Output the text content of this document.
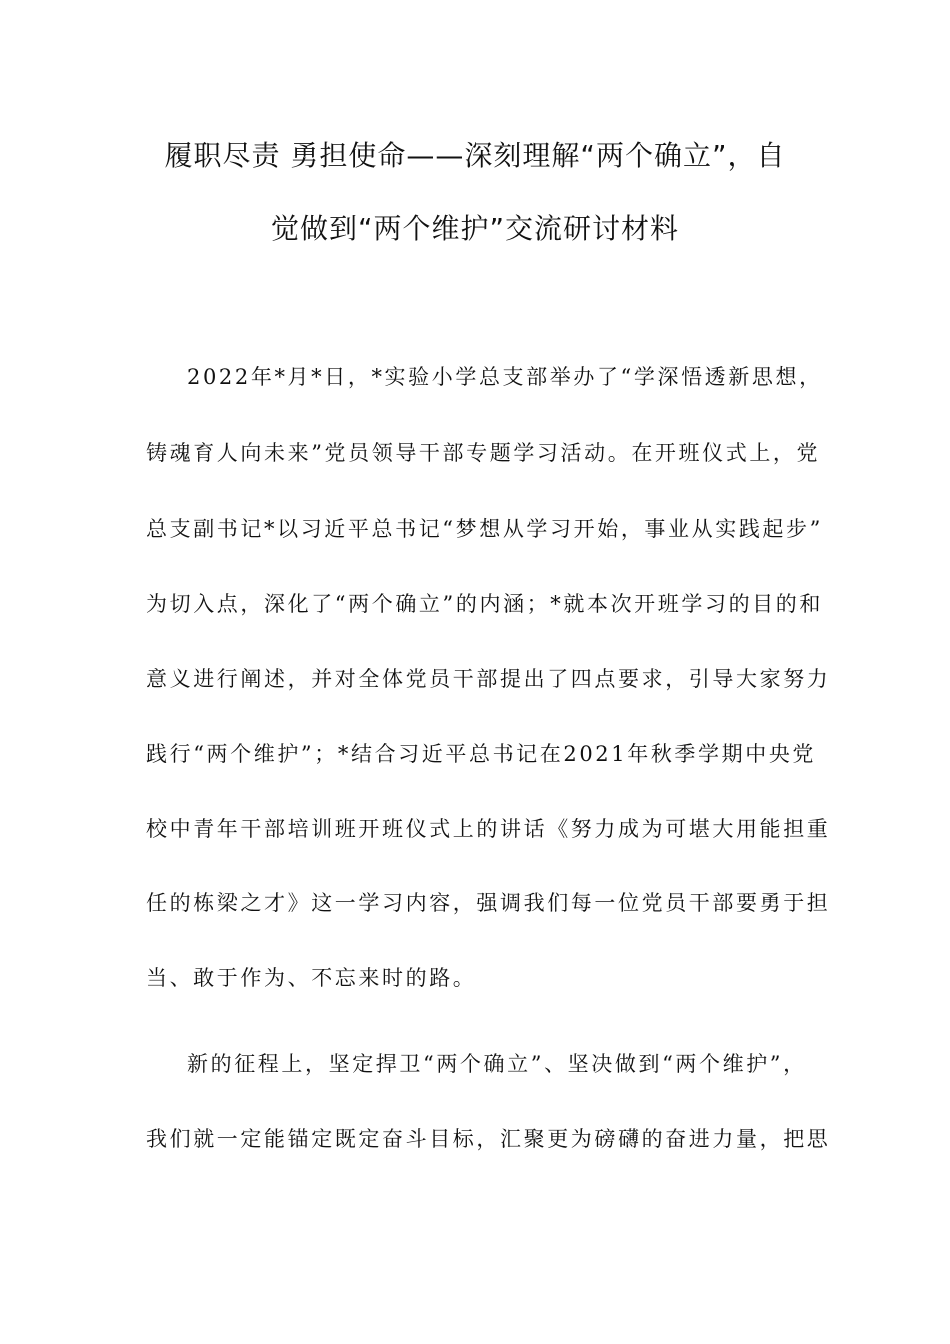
履职尽责 勇担使命——深刻理解“两个确立”，自
觉做到“两个维护”交流研讨材料
2022年*月*日，*实验小学总支部举办了“学深悟透新思想，
铸魂育人向未来”党员领导干部专题学习活动。在开班仪式上，党
总支副书记*以习近平总书记“梦想从学习开始，事业从实践起步”
为切入点，深化了“两个确立”的内涵；*就本次开班学习的目的和
意义进行阐述，并对全体党员干部提出了四点要求，引导大家努力
践行“两个维护”；*结合习近平总书记在2021年秋季学期中央党
校中青年干部培训班开班仪式上的讲话《努力成为可堪大用能担重
任的栋梁之才》这一学习内容，强调我们每一位党员干部要勇于担
当、敢于作为、不忘来时的路。
新的征程上，坚定捍卫“两个确立”、坚决做到“两个维护”，
我们就一定能锚定既定奋斗目标，汇聚更为磅礴的奋进力量，把思
